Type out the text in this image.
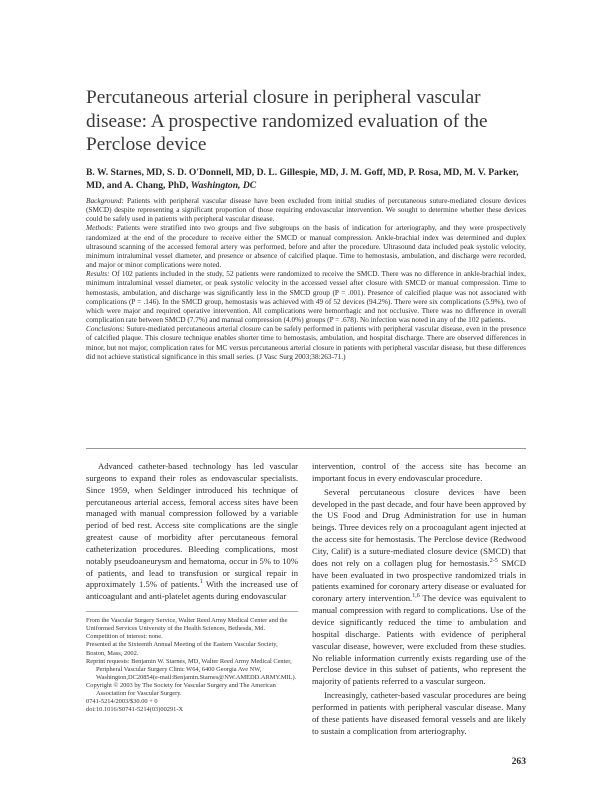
Percutaneous arterial closure in peripheral vascular disease: A prospective randomized evaluation of the Perclose device

B. W. Starnes, MD, S. D. O'Donnell, MD, D. L. Gillespie, MD, J. M. Goff, MD, P. Rosa, MD, M. V. Parker, MD, and A. Chang, PhD, Washington, DC

Background: Patients with peripheral vascular disease have been excluded from initial studies of percutaneous suture-mediated closure devices (SMCD) despite representing a significant proportion of those requiring endovascular intervention. We sought to determine whether these devices could be safely used in patients with peripheral vascular disease.

Methods: Patients were stratified into two groups and five subgroups on the basis of indication for arteriography, and they were prospectively randomized at the end of the procedure to receive either the SMCD or manual compression. Ankle-brachial index was determined and duplex ultrasound scanning of the accessed femoral artery was performed, before and after the procedure. Ultrasound data included peak systolic velocity, minimum intraluminal vessel diameter, and presence or absence of calcified plaque. Time to hemostasis, ambulation, and discharge were recorded, and major or minor complications were noted.

Results: Of 102 patients included in the study, 52 patients were randomized to receive the SMCD. There was no difference in ankle-brachial index, minimum intraluminal vessel diameter, or peak systolic velocity in the accessed vessel after closure with SMCD or manual compression. Time to hemostasis, ambulation, and discharge was significantly less in the SMCD group (P = .001). Presence of calcified plaque was not associated with complications (P = .146). In the SMCD group, hemostasis was achieved with 49 of 52 devices (94.2%). There were six complications (5.9%), two of which were major and required operative intervention. All complications were hemorrhagic and not occlusive. There was no difference in overall complication rate between SMCD (7.7%) and manual compression (4.0%) groups (P = .678). No infection was noted in any of the 102 patients.

Conclusions: Suture-mediated percutaneous arterial closure can be safely performed in patients with peripheral vascular disease, even in the presence of calcified plaque. This closure technique enables shorter time to hemostasis, ambulation, and hospital discharge. There are observed differences in minor, but not major, complication rates for MC versus percutaneous arterial closure in patients with peripheral vascular disease, but these differences did not achieve statistical significance in this small series. (J Vasc Surg 2003;38:263-71.)

Advanced catheter-based technology has led vascular surgeons to expand their roles as endovascular specialists. Since 1959, when Seldinger introduced his technique of percutaneous arterial access, femoral access sites have been managed with manual compression followed by a variable period of bed rest. Access site complications are the single greatest cause of morbidity after percutaneous femoral catheterization procedures. Bleeding complications, most notably pseudoaneurysm and hematoma, occur in 5% to 10% of patients, and lead to transfusion or surgical repair in approximately 1.5% of patients.$^1$ With the increased use of anticoagulant and anti-platelet agents during endovascular

From the Vascular Surgery Service, Walter Reed Army Medical Center and the Uniformed Services University of the Health Sciences, Bethesda, Md.

Competition of interest: none.

Presented at the Sixteenth Annual Meeting of the Eastern Vascular Society, Boston, Mass, 2002.

Reprint requests: Benjamin W. Starnes, MD, Walter Reed Army Medical Center, Peripheral Vascular Surgery Clinic W64, 6400 Georgia Ave NW, Washington,DC20854(e-mail:Benjamin.Starnes@NW.AMEDD.ARMY.MIL).

Copyright © 2003 by The Society for Vascular Surgery and The American Association for Vascular Surgery.

0741-5214/2003/$30.00 + 0

doi:10.1016/S0741-5214(03)00291-X

intervention, control of the access site has become an important focus in every endovascular procedure.

Several percutaneous closure devices have been developed in the past decade, and four have been approved by the US Food and Drug Administration for use in human beings. Three devices rely on a procoagulant agent injected at the access site for hemostasis. The Perclose device (Redwood City, Calif) is a suture-mediated closure device (SMCD) that does not rely on a collagen plug for hemostasis.$^{2-5}$ SMCD have been evaluated in two prospective randomized trials in patients examined for coronary artery disease or evaluated for coronary artery intervention.$^{1,6}$ The device was equivalent to manual compression with regard to complications. Use of the device significantly reduced the time to ambulation and hospital discharge. Patients with evidence of peripheral vascular disease, however, were excluded from these studies. No reliable information currently exists regarding use of the Perclose device in this subset of patients, who represent the majority of patients referred to a vascular surgeon.

Increasingly, catheter-based vascular procedures are being performed in patients with peripheral vascular disease. Many of these patients have diseased femoral vessels and are likely to sustain a complication from arteriography.

263
